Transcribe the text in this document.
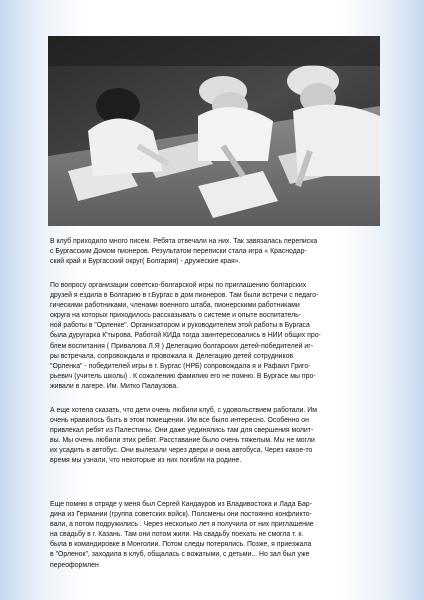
В клуб приходило много писем. Ребята отвечали на них. Так завязалась переписка
с Бургасским Домом пионеров. Результатом переписки стала игра « Краснодар-
ский край и Бургасский округ( Болгария) - дружеские края».
По вопросу организации советско-болгарской игры по приглашению болгарских
друзей я ездила в Болгарию в г.Бургас в дом пионеров. Там были встречи с педаго-
гическими работниками, членами военного штаба, пионерскими работниками
округа на которых приходилось рассказывать о системе и опыте воспитатель-
ной работы в "Орленке". Организатором и руководителем этой работы в Бургаса
была дуругарка К'тырова. Работой КИДа тогда заинтересовались в НИИ общих про-
блем воспитания ( Привалова Л.Я ) Делегацию болгарских детей-победителей иг-
ры встречала, сопровождала и провожала я. Делегацию детей сотрудников
"Орленка" - победителей игры в г. Бургас (НРБ) сопровождала я и Рафаил Григо-
рьевич (учитель школы) . К сожалению фамилию его не помню. В Бургасе мы про-
живали в лагере. Им. Митко Палаузова.
А еще хотела сказать, что дети очень любили клуб, с удовольствием работали. Им
очень нравилось быть в этом помещении. Им все было интересно. Особенно он
привлекал ребят из Палестины. Они даже уединялись там для свершения молит-
вы. Мы очень любили этих ребят. Расставание было очень тяжелым. Мы не могли
их усадить в автобус. Они вылезали через двери и окна автобуса. Через какое-то
время мы узнали, что некоторые из них погибли на родине.
Еще помню в отряде у меня был Сергей Кандауров из Владивостока и Лада Бар-
дина из Германии (группа советских войск). Полсмены они постоянно конфликто-
вали, а потом подружились . Через несколько лет я получила от них приглашение
на свадьбу в г. Казань. Там они потом жили. На свадьбу поехать не смогла т. к.
была в командировке в Монголии. Потом следы потерялись. Позже, я приезжала
в "Орленок", заходила в клуб, общалась с вожатыми, с детьми... Но зал был уже
переоформлен
